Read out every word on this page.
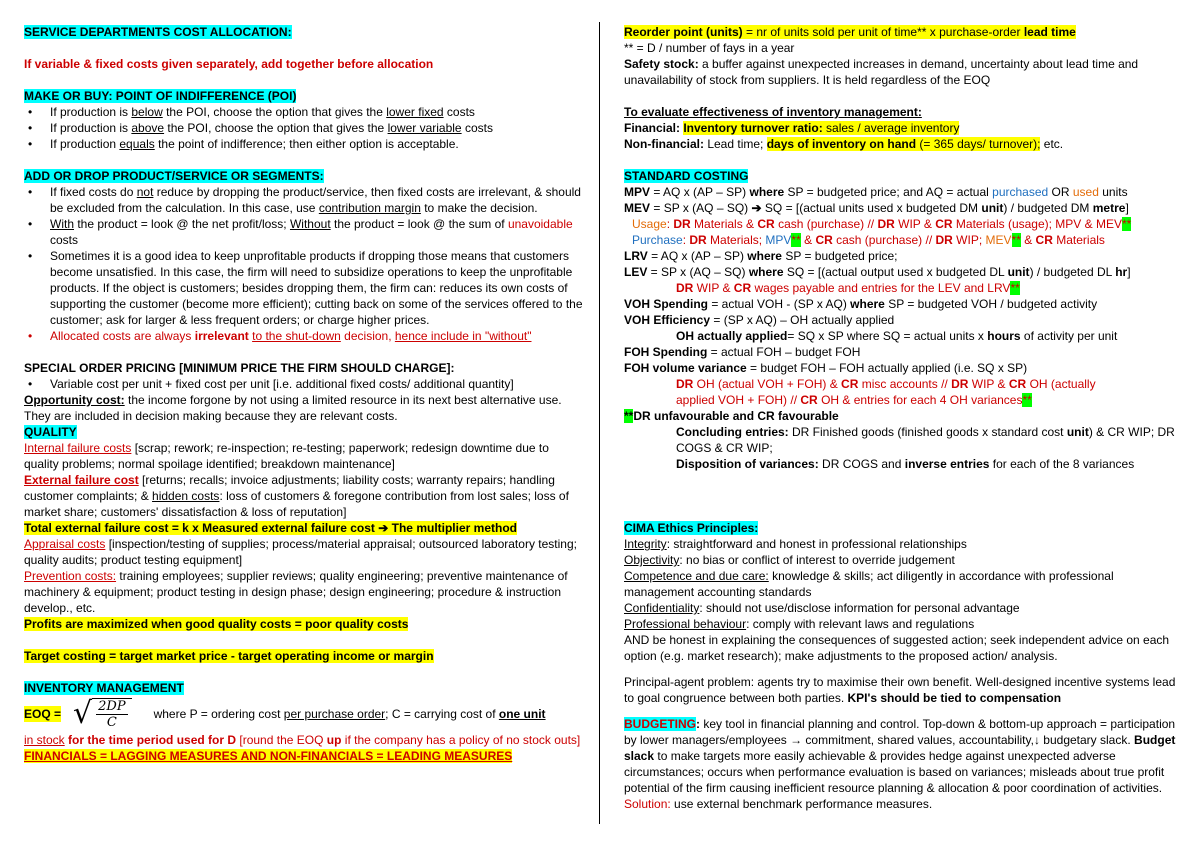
SERVICE DEPARTMENTS COST ALLOCATION:
If variable & fixed costs given separately, add together before allocation
MAKE OR BUY: POINT OF INDIFFERENCE (POI)
• If production is below the POI, choose the option that gives the lower fixed costs
• If production is above the POI, choose the option that gives the lower variable costs
• If production equals the point of indifference; then either option is acceptable.
ADD OR DROP PRODUCT/SERVICE OR SEGMENTS:
• If fixed costs do not reduce by dropping the product/service, then fixed costs are irrelevant, & should be excluded from the calculation. In this case, use contribution margin to make the decision.
• With the product = look @ the net profit/loss; Without the product = look @ the sum of unavoidable costs
• Sometimes it is a good idea to keep unprofitable products if dropping those means that customers become unsatisfied. In this case, the firm will need to subsidize operations to keep the unprofitable products. If the object is customers; besides dropping them, the firm can: reduces its own costs of supporting the customer (become more efficient); cutting back on some of the services offered to the customer; ask for larger & less frequent orders; or charge higher prices.
• Allocated costs are always irrelevant to the shut-down decision, hence include in "without"
SPECIAL ORDER PRICING [MINIMUM PRICE THE FIRM SHOULD CHARGE]:
• Variable cost per unit + fixed cost per unit [i.e. additional fixed costs/ additional quantity]
Opportunity cost: the income forgone by not using a limited resource in its next best alternative use. They are included in decision making because they are relevant costs.
QUALITY
Internal failure costs [scrap; rework; re-inspection; re-testing; paperwork; redesign downtime due to quality problems; normal spoilage identified; breakdown maintenance]
External failure cost [returns; recalls; invoice adjustments; liability costs; warranty repairs; handling customer complaints; & hidden costs: loss of customers & foregone contribution from lost sales; loss of market share; customers' dissatisfaction & loss of reputation]
Total external failure cost = k x Measured external failure cost ➔ The multiplier method
Appraisal costs [inspection/testing of supplies; process/material appraisal; outsourced laboratory testing; quality audits; product testing equipment]
Prevention costs: training employees; supplier reviews; quality engineering; preventive maintenance of machinery & equipment; product testing in design phase; design engineering; procedure & instruction develop., etc.
Profits are maximized when good quality costs = poor quality costs
Target costing = target market price - target operating income or margin
INVENTORY MANAGEMENT
EOQ = √ $\frac{2DP}{C}$ where P = ordering cost per purchase order; C = carrying cost of one unit
in stock for the time period used for D [round the EOQ up if the company has a policy of no stock outs]
FINANCIALS = LAGGING MEASURES AND NON-FINANCIALS = LEADING MEASURES
Reorder point (units) = nr of units sold per unit of time** x purchase-order lead time
** = D / number of fays in a year
Safety stock: a buffer against unexpected increases in demand, uncertainty about lead time and unavailability of stock from suppliers. It is held regardless of the EOQ
To evaluate effectiveness of inventory management:
Financial: Inventory turnover ratio: sales / average inventory
Non-financial: Lead time; days of inventory on hand (= 365 days/ turnover); etc.
STANDARD COSTING
MPV = AQ x (AP – SP) where SP = budgeted price; and AQ = actual purchased OR used units
MEV = SP x (AQ – SQ) ➔ SQ = [(actual units used x budgeted DM unit) / budgeted DM metre]
Usage: DR Materials & CR cash (purchase) // DR WIP & CR Materials (usage); MPV & MEV**
Purchase: DR Materials; MPV** & CR cash (purchase) // DR WIP; MEV** & CR Materials
LRV = AQ x (AP – SP) where SP = budgeted price;
LEV = SP x (AQ – SQ) where SQ = [(actual output used x budgeted DL unit) / budgeted DL hr]
DR WIP & CR wages payable and entries for the LEV and LRV**
VOH Spending = actual VOH - (SP x AQ) where SP = budgeted VOH / budgeted activity
VOH Efficiency = (SP x AQ) – OH actually applied
OH actually applied= SQ x SP where SQ = actual units x hours of activity per unit
FOH Spending = actual FOH – budget FOH
FOH volume variance = budget FOH – FOH actually applied (i.e. SQ x SP)
DR OH (actual VOH + FOH) & CR misc accounts // DR WIP & CR OH (actually
applied VOH + FOH) // CR OH & entries for each 4 OH variances**
**DR unfavourable and CR favourable
Concluding entries: DR Finished goods (finished goods x standard cost unit) & CR WIP; DR COGS & CR WIP;
Disposition of variances: DR COGS and inverse entries for each of the 8 variances
CIMA Ethics Principles:
Integrity: straightforward and honest in professional relationships
Objectivity: no bias or conflict of interest to override judgement
Competence and due care: knowledge & skills; act diligently in accordance with professional management accounting standards
Confidentiality: should not use/disclose information for personal advantage
Professional behaviour: comply with relevant laws and regulations
AND be honest in explaining the consequences of suggested action; seek independent advice on each option (e.g. market research); make adjustments to the proposed action/ analysis.
Principal-agent problem: agents try to maximise their own benefit. Well-designed incentive systems lead to goal congruence between both parties. KPI's should be tied to compensation
BUDGETING: key tool in financial planning and control. Top-down & bottom-up approach = participation by lower managers/employees → commitment, shared values, accountability,↓ budgetary slack. Budget slack to make targets more easily achievable & provides hedge against unexpected adverse circumstances; occurs when performance evaluation is based on variances; misleads about true profit potential of the firm causing inefficient resource planning & allocation & poor coordination of activities. Solution: use external benchmark performance measures.
